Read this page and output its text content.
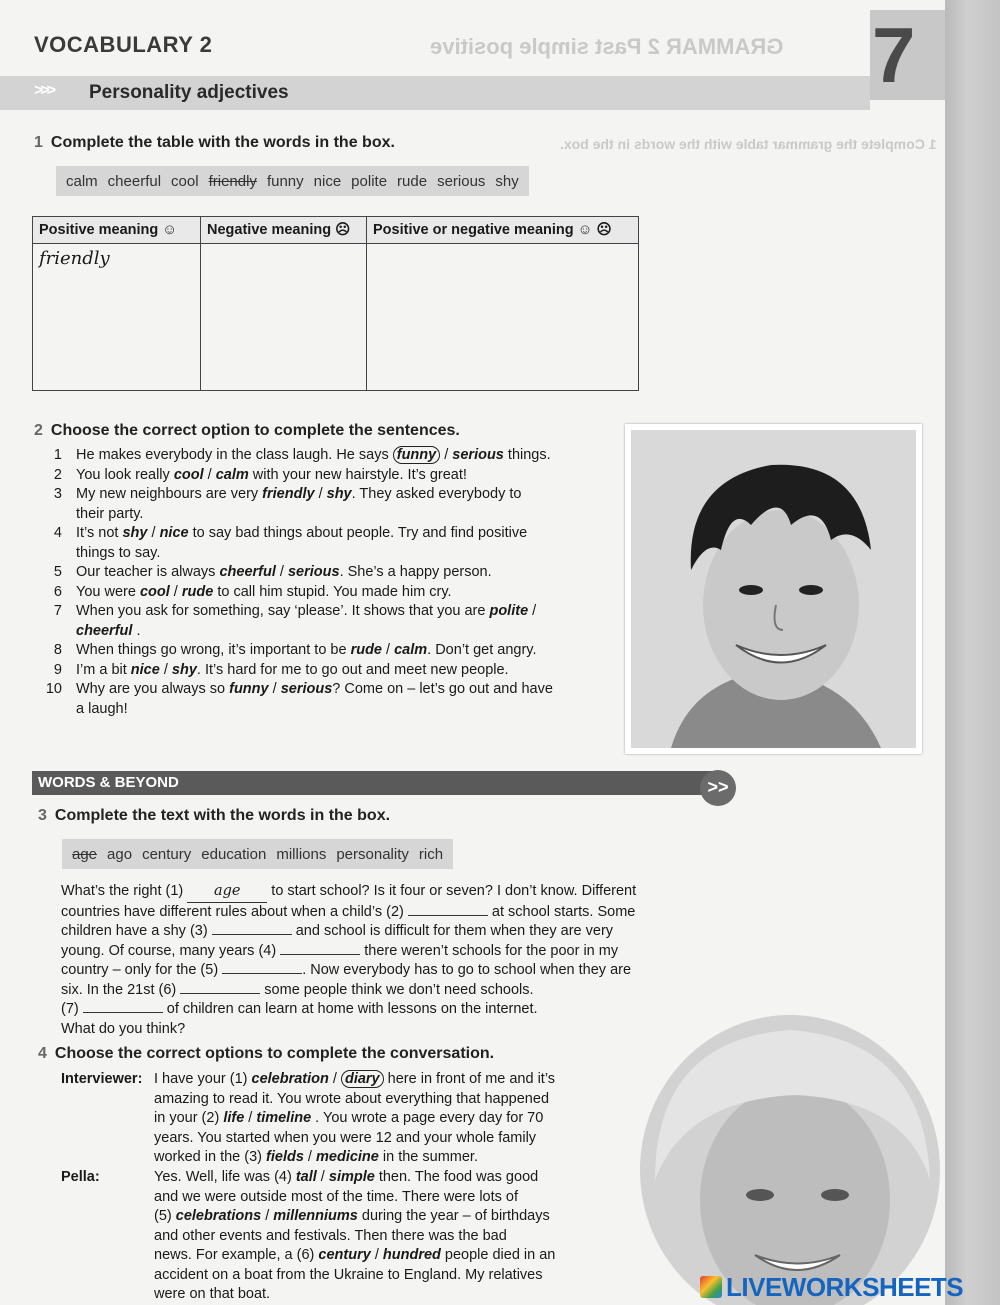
GRAMMAR 2 Past simple positive
1 Complete the grammar table with the words in the box.
7
VOCABULARY 2
>>> Personality adjectives
1 Complete the table with the words in the box.
calm cheerful cool friendly funny nice polite rude serious shy
Positive meaning ☺	Negative meaning ☹	Positive or negative meaning ☺ ☹
friendly		
2 Choose the correct option to complete the sentences.
1 He makes everybody in the class laugh. He says funny / serious things.
2 You look really cool / calm with your new hairstyle. It’s great!
3 My new neighbours are very friendly / shy. They asked everybody to
their party.
4 It’s not shy / nice to say bad things about people. Try and find positive
things to say.
5 Our teacher is always cheerful / serious. She’s a happy person.
6 You were cool / rude to call him stupid. You made him cry.
7 When you ask for something, say ‘please’. It shows that you are polite /
cheerful .
8 When things go wrong, it’s important to be rude / calm. Don’t get angry.
9 I’m a bit nice / shy. It’s hard for me to go out and meet new people.
10 Why are you always so funny / serious? Come on – let’s go out and have
a laugh!
WORDS & BEYOND	>>
3 Complete the text with the words in the box.
age ago century education millions personality rich
What’s the right (1) age to start school? Is it four or seven? I don’t know. Different
countries have different rules about when a child’s (2)	at school starts. Some
children have a shy (3)	and school is difficult for them when they are very
young. Of course, many years (4)	there weren’t schools for the poor in my
country – only for the (5)	. Now everybody has to go to school when they are
six. In the 21st (6)	some people think we don’t need schools.
(7)	of children can learn at home with lessons on the internet.
What do you think?
4 Choose the correct options to complete the conversation.
Interviewer: I have your (1) celebration / diary here in front of me and it’s
amazing to read it. You wrote about everything that happened
in your (2) life / timeline . You wrote a page every day for 70
years. You started when you were 12 and your whole family
worked in the (3) fields / medicine in the summer.
Pella:	Yes. Well, life was (4) tall / simple then. The food was good
and we were outside most of the time. There were lots of
(5) celebrations / millenniums during the year – of birthdays
and other events and festivals. Then there was the bad
news. For example, a (6) century / hundred people died in an
accident on a boat from the Ukraine to England. My relatives
were on that boat.	LIVEWORKSHEETS
